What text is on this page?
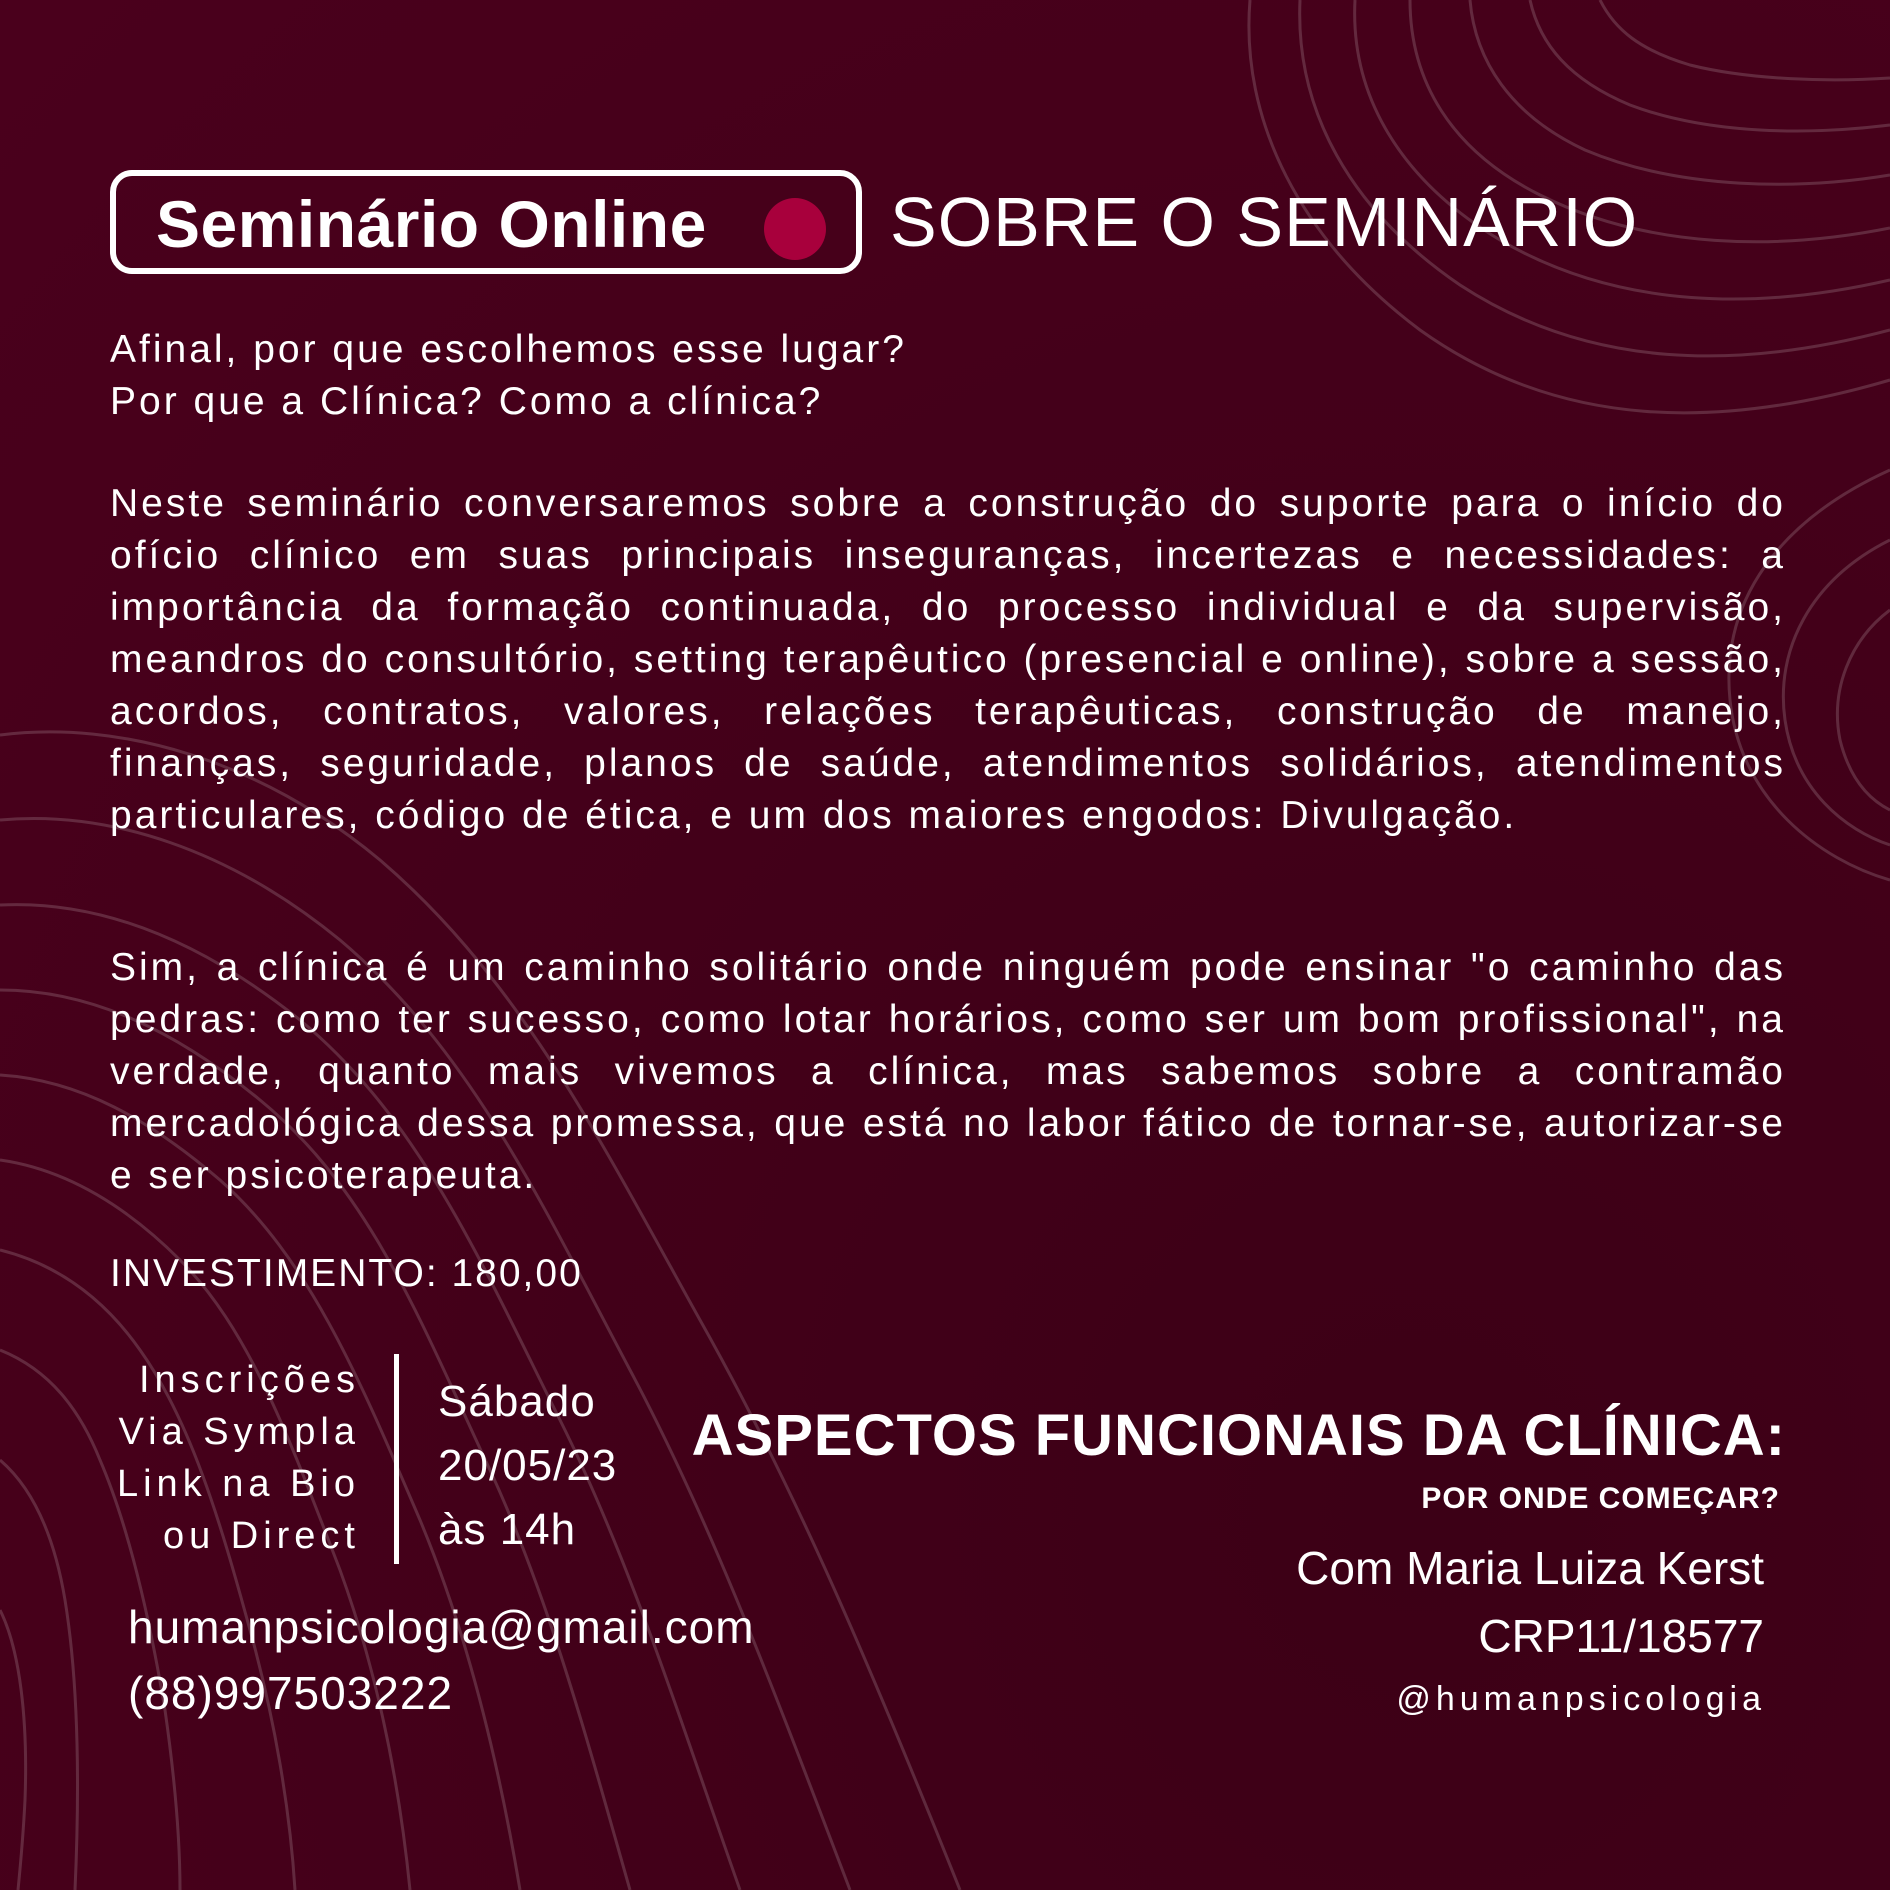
Seminário Online	SOBRE O SEMINÁRIO
Afinal, por que escolhemos esse lugar?
Por que a Clínica? Como a clínica?

Neste seminário conversaremos sobre a construção do suporte para o início do ofício clínico em suas principais inseguranças, incertezas e necessidades: a importância da formação continuada, do processo individual e da supervisão, meandros do consultório, setting terapêutico (presencial e online), sobre a sessão, acordos, contratos, valores, relações terapêuticas, construção de manejo, finanças, seguridade, planos de saúde, atendimentos solidários, atendimentos particulares, código de ética, e um dos maiores engodos: Divulgação.

Sim, a clínica é um caminho solitário onde ninguém pode ensinar "o caminho das pedras: como ter sucesso, como lotar horários, como ser um bom profissional", na verdade, quanto mais vivemos a clínica, mas sabemos sobre a contramão mercadológica dessa promessa, que está no labor fático de tornar-se, autorizar-se e ser psicoterapeuta.

INVESTIMENTO: 180,00
Inscrições
Via Sympla
Link na Bio
ou Direct
Sábado
20/05/23
às 14h
humanpsicologia@gmail.com
(88)997503222
ASPECTOS FUNCIONAIS DA CLÍNICA:
POR ONDE COMEÇAR?
Com Maria Luiza Kerst
CRP11/18577
@humanpsicologia
